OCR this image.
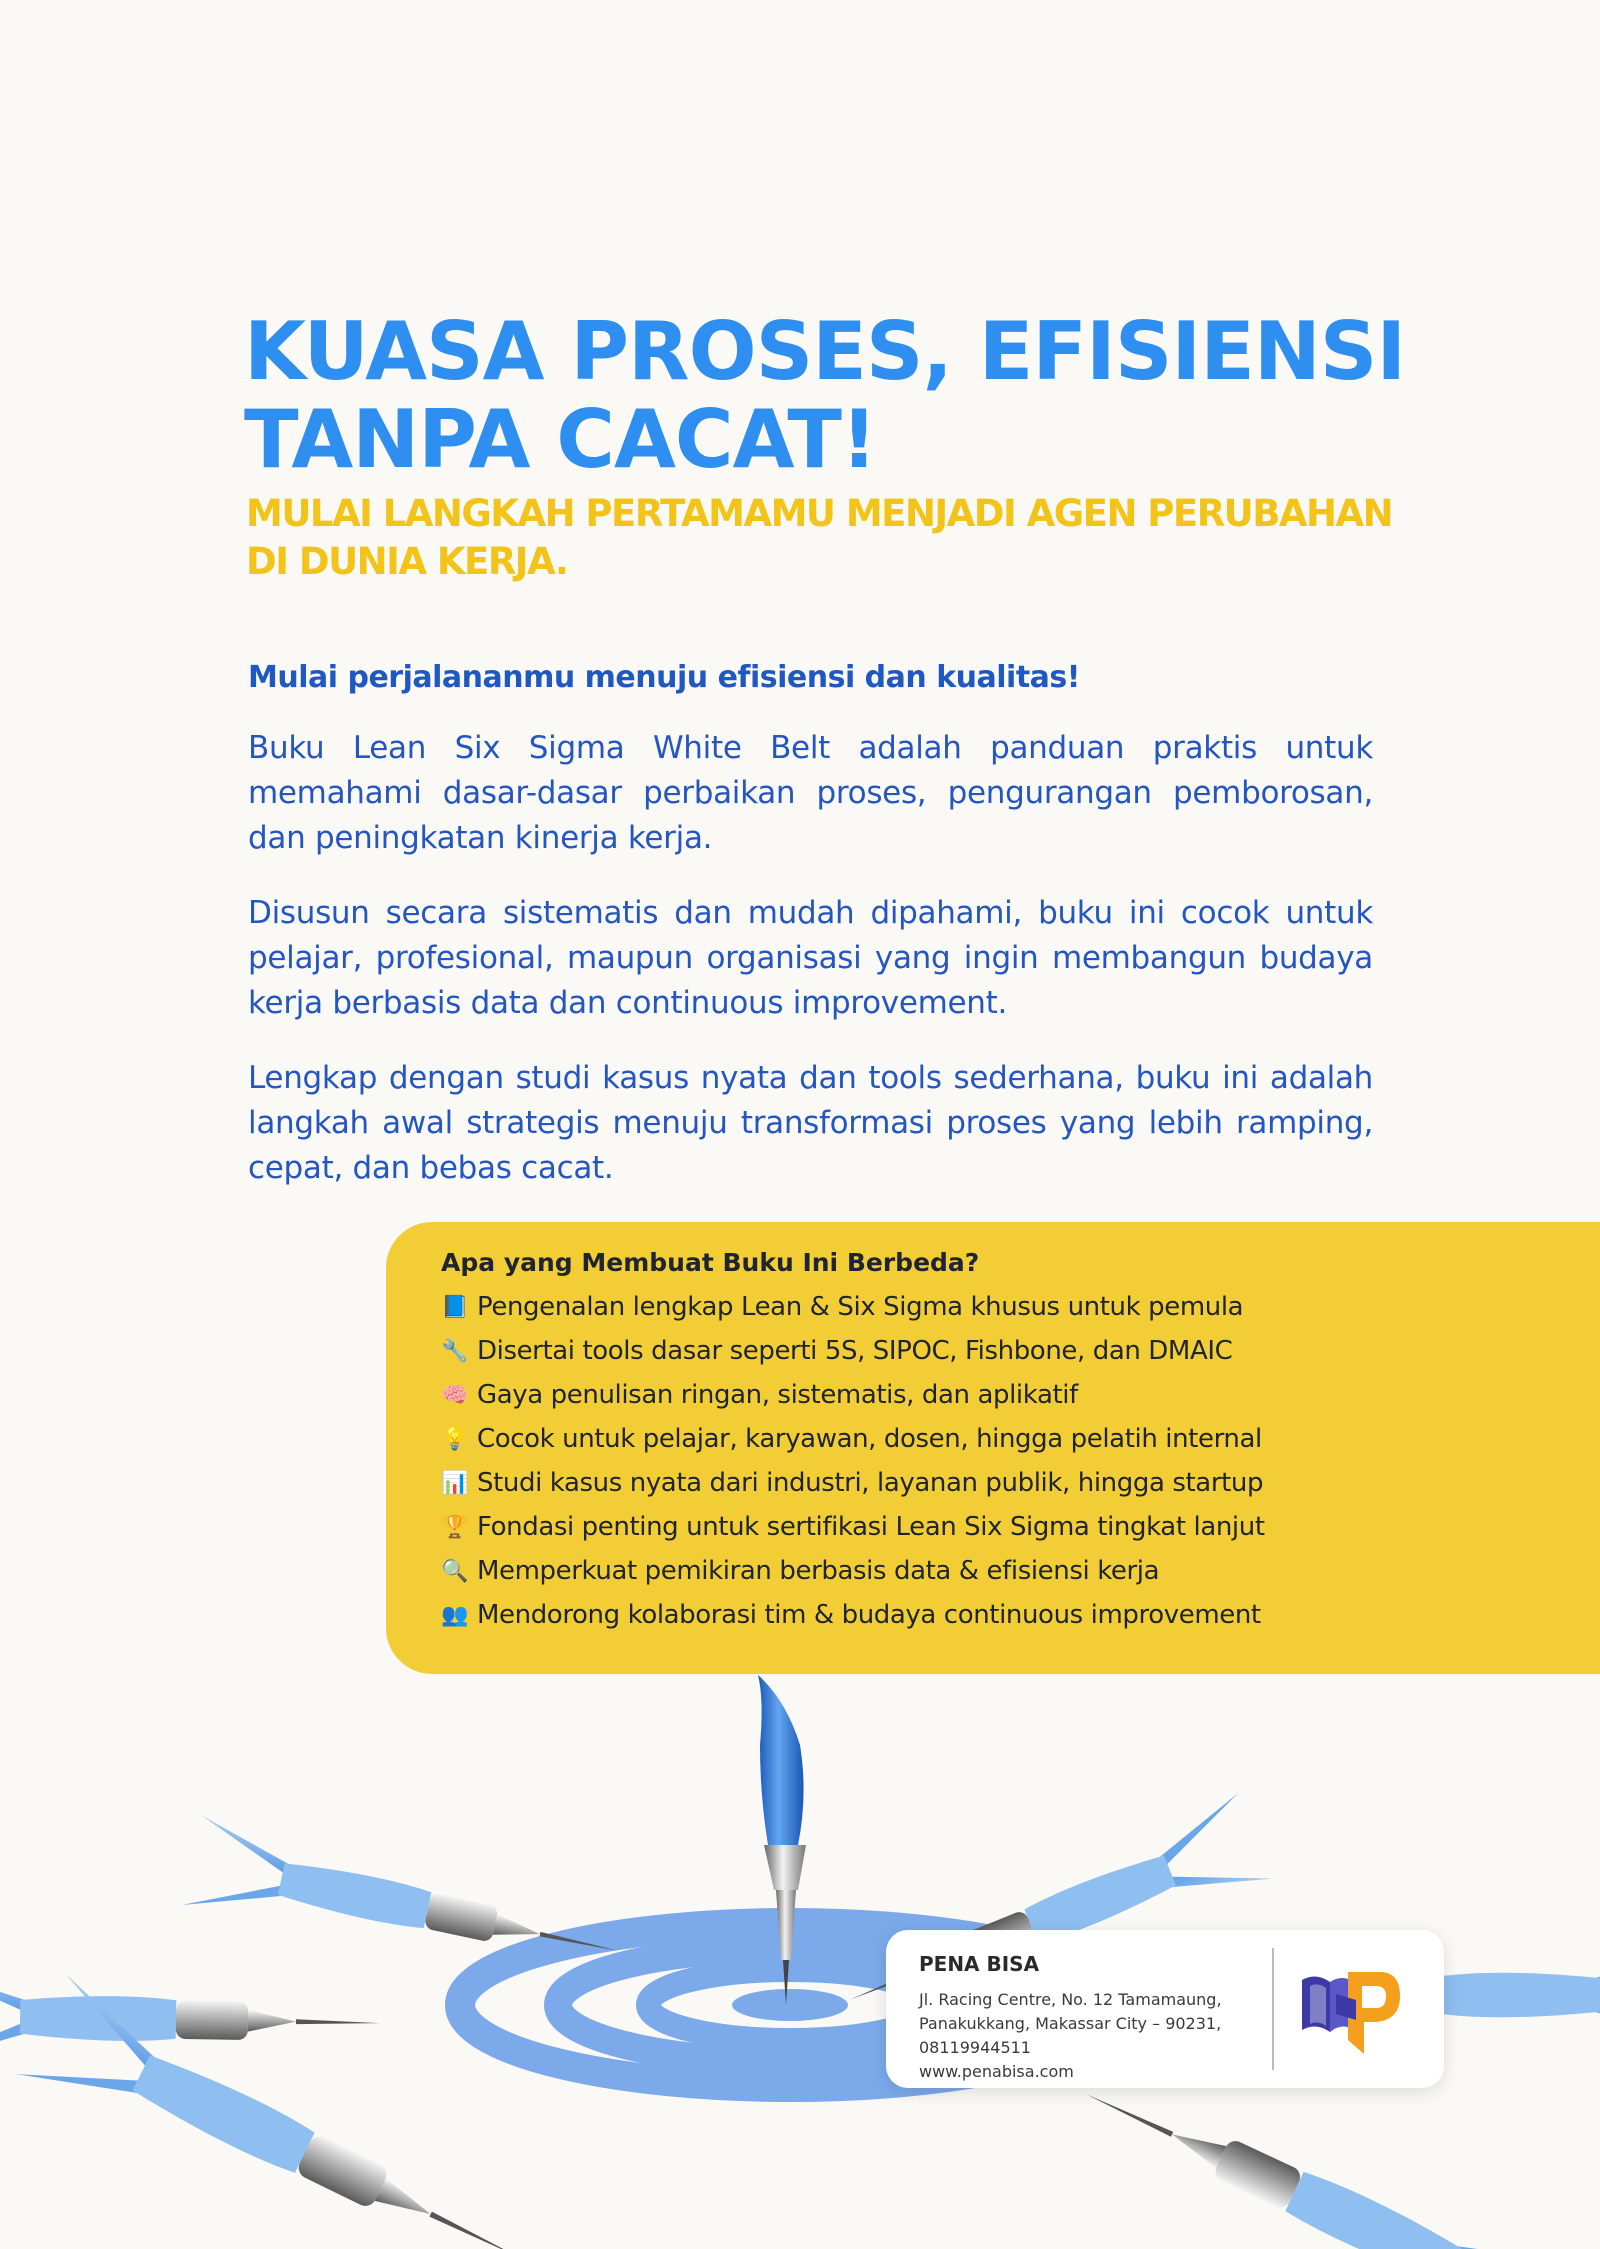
KUASA PROSES, EFISIENSI
TANPA CACAT!
MULAI LANGKAH PERTAMAMU MENJADI AGEN PERUBAHAN
DI DUNIA KERJA.
Mulai perjalananmu menuju efisiensi dan kualitas!

Buku Lean Six Sigma White Belt adalah panduan praktis untuk memahami dasar-dasar perbaikan proses, pengurangan pemborosan, dan peningkatan kinerja kerja.

Disusun secara sistematis dan mudah dipahami, buku ini cocok untuk pelajar, profesional, maupun organisasi yang ingin membangun budaya kerja berbasis data dan continuous improvement.

Lengkap dengan studi kasus nyata dan tools sederhana, buku ini adalah langkah awal strategis menuju transformasi proses yang lebih ramping, cepat, dan bebas cacat.

Apa yang Membuat Buku Ini Berbeda?
📘 Pengenalan lengkap Lean & Six Sigma khusus untuk pemula
🔧 Disertai tools dasar seperti 5S, SIPOC, Fishbone, dan DMAIC
🧠 Gaya penulisan ringan, sistematis, dan aplikatif
💡 Cocok untuk pelajar, karyawan, dosen, hingga pelatih internal
📊 Studi kasus nyata dari industri, layanan publik, hingga startup
🏆 Fondasi penting untuk sertifikasi Lean Six Sigma tingkat lanjut
🔍 Memperkuat pemikiran berbasis data & efisiensi kerja
👥 Mendorong kolaborasi tim & budaya continuous improvement
PENA BISA
Jl. Racing Centre, No. 12 Tamamaung,
Panakukkang, Makassar City – 90231,
08119944511
www.penabisa.com
